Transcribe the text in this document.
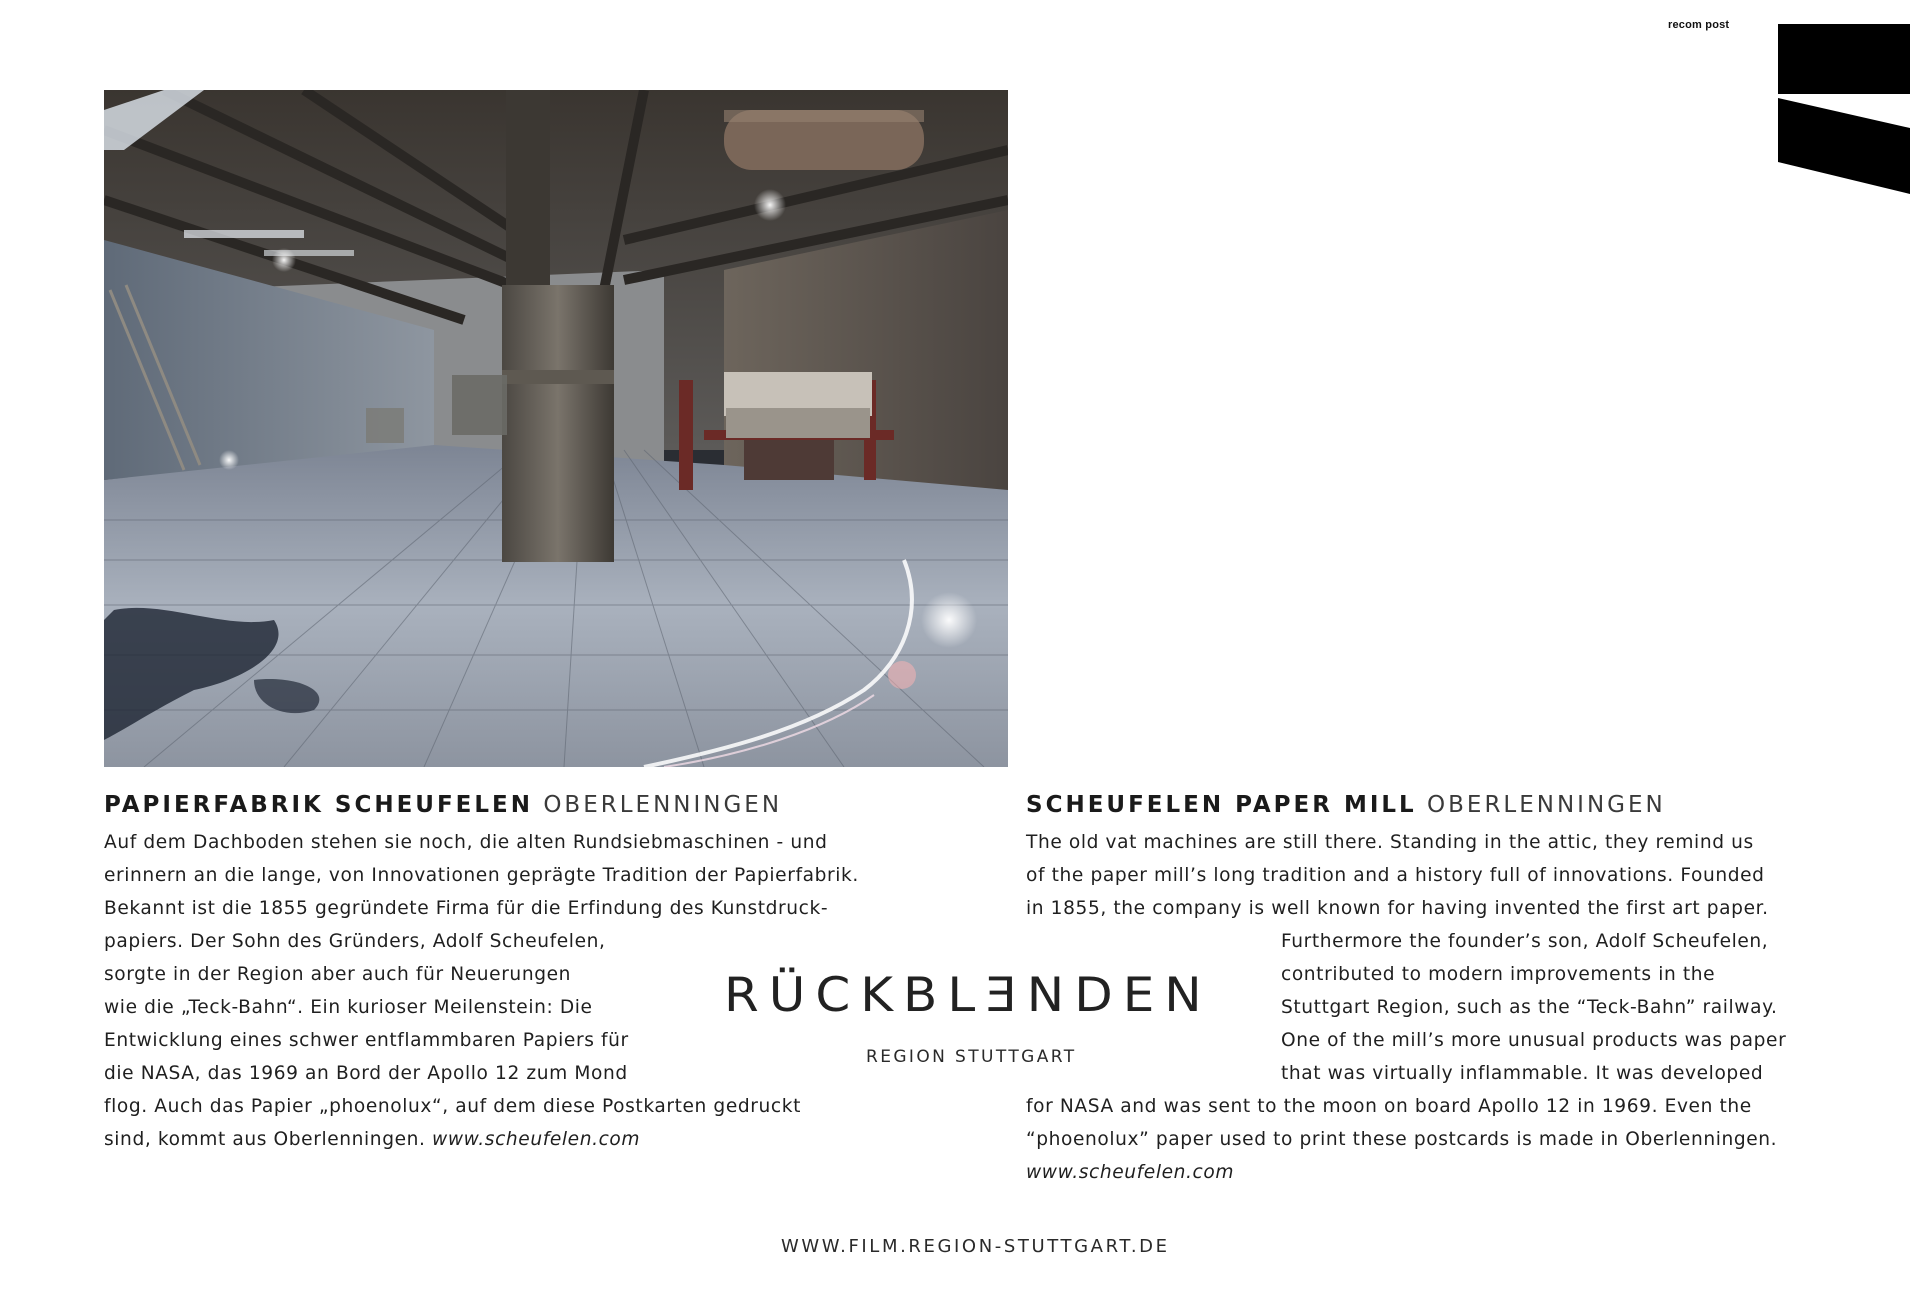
recom post
PAPIERFABRIK SCHEUFELEN OBERLENNINGEN
Auf dem Dachboden stehen sie noch, die alten Rundsiebmaschinen - und
erinnern an die lange, von Innovationen geprägte Tradition der Papierfabrik.
Bekannt ist die 1855 gegründete Firma für die Erfindung des Kunstdruck-
papiers. Der Sohn des Gründers, Adolf Scheufelen,
sorgte in der Region aber auch für Neuerungen
wie die „Teck-Bahn“. Ein kurioser Meilenstein: Die
Entwicklung eines schwer entflammbaren Papiers für
die NASA, das 1969 an Bord der Apollo 12 zum Mond
flog. Auch das Papier „phoenolux“, auf dem diese Postkarten gedruckt
sind, kommt aus Oberlenningen. www.scheufelen.com
SCHEUFELEN PAPER MILL OBERLENNINGEN
The old vat machines are still there. Standing in the attic, they remind us
of the paper mill’s long tradition and a history full of innovations. Founded
in 1855, the company is well known for having invented the first art paper.
Furthermore the founder’s son, Adolf Scheufelen,
contributed to modern improvements in the
Stuttgart Region, such as the “Teck-Bahn” railway.
One of the mill’s more unusual products was paper
that was virtually inflammable. It was developed
for NASA and was sent to the moon on board Apollo 12 in 1969. Even the
“phoenolux” paper used to print these postcards is made in Oberlenningen.
www.scheufelen.com
RÜCKBLƎNDEN
REGION STUTTGART
WWW.FILM.REGION-STUTTGART.DE
